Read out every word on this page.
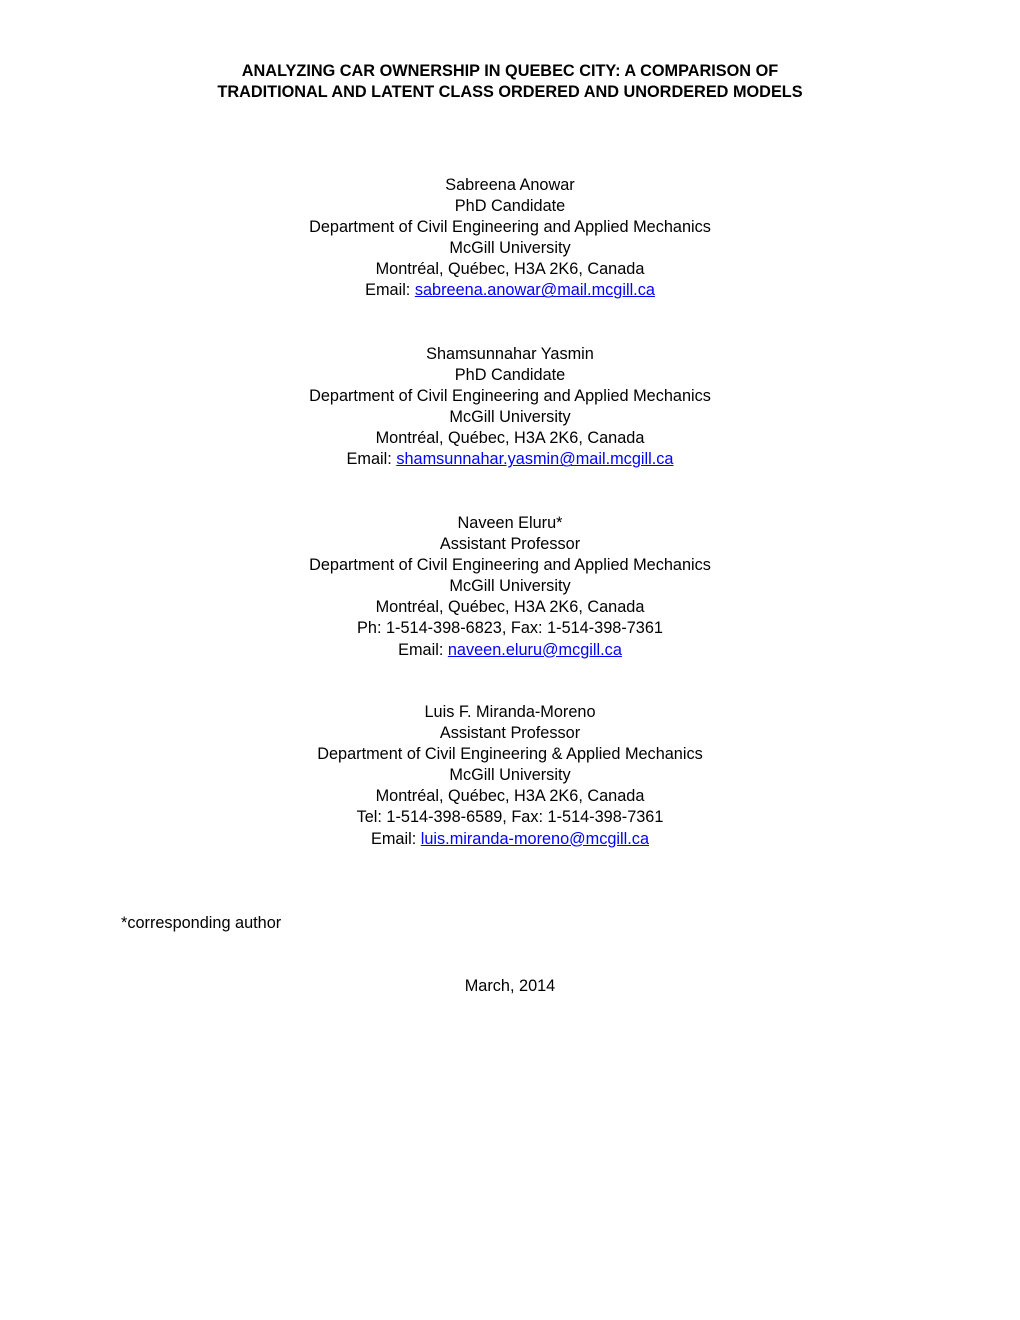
ANALYZING CAR OWNERSHIP IN QUEBEC CITY: A COMPARISON OF
TRADITIONAL AND LATENT CLASS ORDERED AND UNORDERED MODELS
Sabreena Anowar
PhD Candidate
Department of Civil Engineering and Applied Mechanics
McGill University
Montréal, Québec, H3A 2K6, Canada
Email: sabreena.anowar@mail.mcgill.ca
Shamsunnahar Yasmin
PhD Candidate
Department of Civil Engineering and Applied Mechanics
McGill University
Montréal, Québec, H3A 2K6, Canada
Email: shamsunnahar.yasmin@mail.mcgill.ca
Naveen Eluru*
Assistant Professor
Department of Civil Engineering and Applied Mechanics
McGill University
Montréal, Québec, H3A 2K6, Canada
Ph: 1-514-398-6823, Fax: 1-514-398-7361
Email: naveen.eluru@mcgill.ca
Luis F. Miranda-Moreno
Assistant Professor
Department of Civil Engineering & Applied Mechanics
McGill University
Montréal, Québec, H3A 2K6, Canada
Tel: 1-514-398-6589, Fax: 1-514-398-7361
Email: luis.miranda-moreno@mcgill.ca
*corresponding author
March, 2014
